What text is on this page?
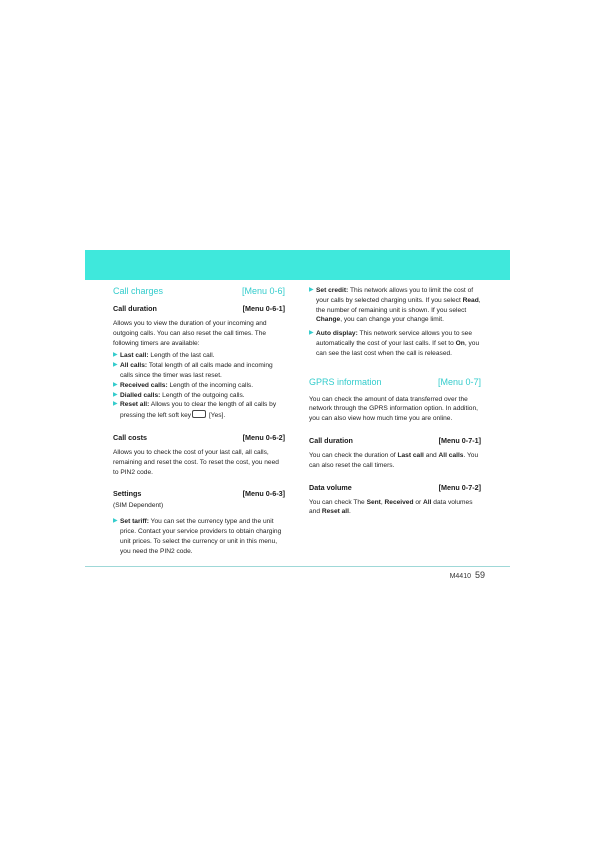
Call charges	[Menu 0-6]
Call duration	[Menu 0-6-1]

Allows you to view the duration of your incoming and outgoing calls. You can also reset the call times. The following timers are available:

▶ Last call: Length of the last call.
▶ All calls: Total length of all calls made and incoming calls since the timer was last reset.
▶ Received calls: Length of the incoming calls.
▶ Dialled calls: Length of the outgoing calls.
▶ Reset all: Allows you to clear the length of all calls by pressing the left soft key [Yes].
Call costs	[Menu 0-6-2]

Allows you to check the cost of your last call, all calls, remaining and reset the cost. To reset the cost, you need to PIN2 code.

Settings	[Menu 0-6-3]

(SIM Dependent)

▶ Set tariff: You can set the currency type and the unit price. Contact your service providers to obtain charging unit prices. To select the currency or unit in this menu, you need the PIN2 code.
▶ Set credit: This network allows you to limit the cost of your calls by selected charging units. If you select Read, the number of remaining unit is shown. If you select Change, you can change your change limit.
▶ Auto display: This network service allows you to see automatically the cost of your last calls. If set to On, you can see the last cost when the call is released.
GPRS information	[Menu 0-7]

You can check the amount of data transferred over the network through the GPRS information option. In addition, you can also view how much time you are online.

Call duration	[Menu 0-7-1]

You can check the duration of Last call and All calls. You can also reset the call timers.

Data volume	[Menu 0-7-2]

You can check The Sent, Received or All data volumes and Reset all.

M4410 59
